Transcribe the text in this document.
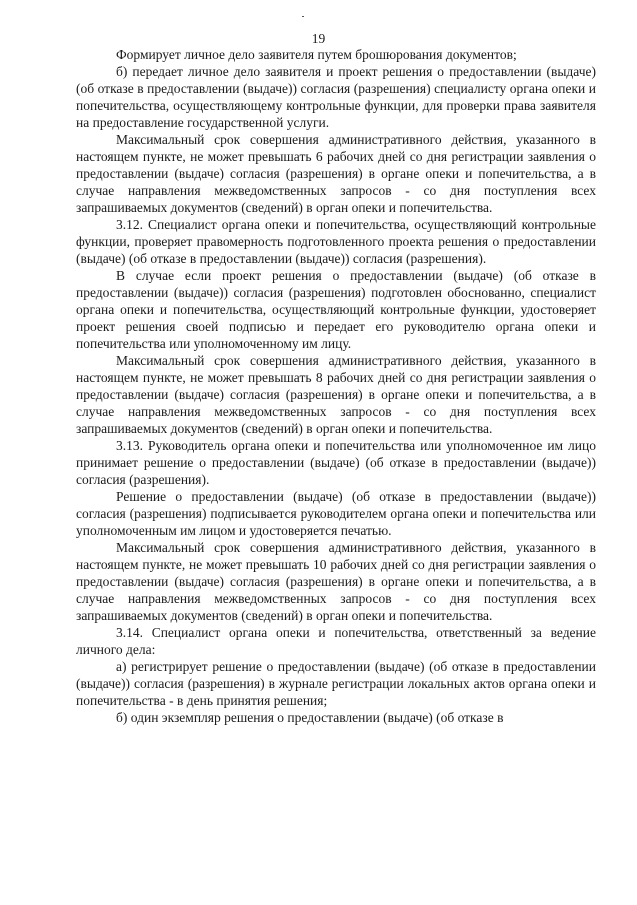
19

Формирует личное дело заявителя путем брошюрования документов;

б) передает личное дело заявителя и проект решения о предоставлении (выдаче) (об отказе в предоставлении (выдаче)) согласия (разрешения) специалисту органа опеки и попечительства, осуществляющему контрольные функции, для проверки права заявителя на предоставление государственной услуги.

Максимальный срок совершения административного действия, указанного в настоящем пункте, не может превышать 6 рабочих дней со дня регистрации заявления о предоставлении (выдаче) согласия (разрешения) в органе опеки и попечительства, а в случае направления межведомственных запросов - со дня поступления всех запрашиваемых документов (сведений) в орган опеки и попечительства.

3.12. Специалист органа опеки и попечительства, осуществляющий контрольные функции, проверяет правомерность подготовленного проекта решения о предоставлении (выдаче) (об отказе в предоставлении (выдаче)) согласия (разрешения).

В случае если проект решения о предоставлении (выдаче) (об отказе в предоставлении (выдаче)) согласия (разрешения) подготовлен обоснованно, специалист органа опеки и попечительства, осуществляющий контрольные функции, удостоверяет проект решения своей подписью и передает его руководителю органа опеки и попечительства или уполномоченному им лицу.

Максимальный срок совершения административного действия, указанного в настоящем пункте, не может превышать 8 рабочих дней со дня регистрации заявления о предоставлении (выдаче) согласия (разрешения) в органе опеки и попечительства, а в случае направления межведомственных запросов - со дня поступления всех запрашиваемых документов (сведений) в орган опеки и попечительства.

3.13. Руководитель органа опеки и попечительства или уполномоченное им лицо принимает решение о предоставлении (выдаче) (об отказе в предоставлении (выдаче)) согласия (разрешения).

Решение о предоставлении (выдаче) (об отказе в предоставлении (выдаче)) согласия (разрешения) подписывается руководителем органа опеки и попечительства или уполномоченным им лицом и удостоверяется печатью.

Максимальный срок совершения административного действия, указанного в настоящем пункте, не может превышать 10 рабочих дней со дня регистрации заявления о предоставлении (выдаче) согласия (разрешения) в органе опеки и попечительства, а в случае направления межведомственных запросов - со дня поступления всех запрашиваемых документов (сведений) в орган опеки и попечительства.

3.14. Специалист органа опеки и попечительства, ответственный за ведение личного дела:

а) регистрирует решение о предоставлении (выдаче) (об отказе в предоставлении (выдаче)) согласия (разрешения) в журнале регистрации локальных актов органа опеки и попечительства - в день принятия решения;

б) один экземпляр решения о предоставлении (выдаче) (об отказе в
